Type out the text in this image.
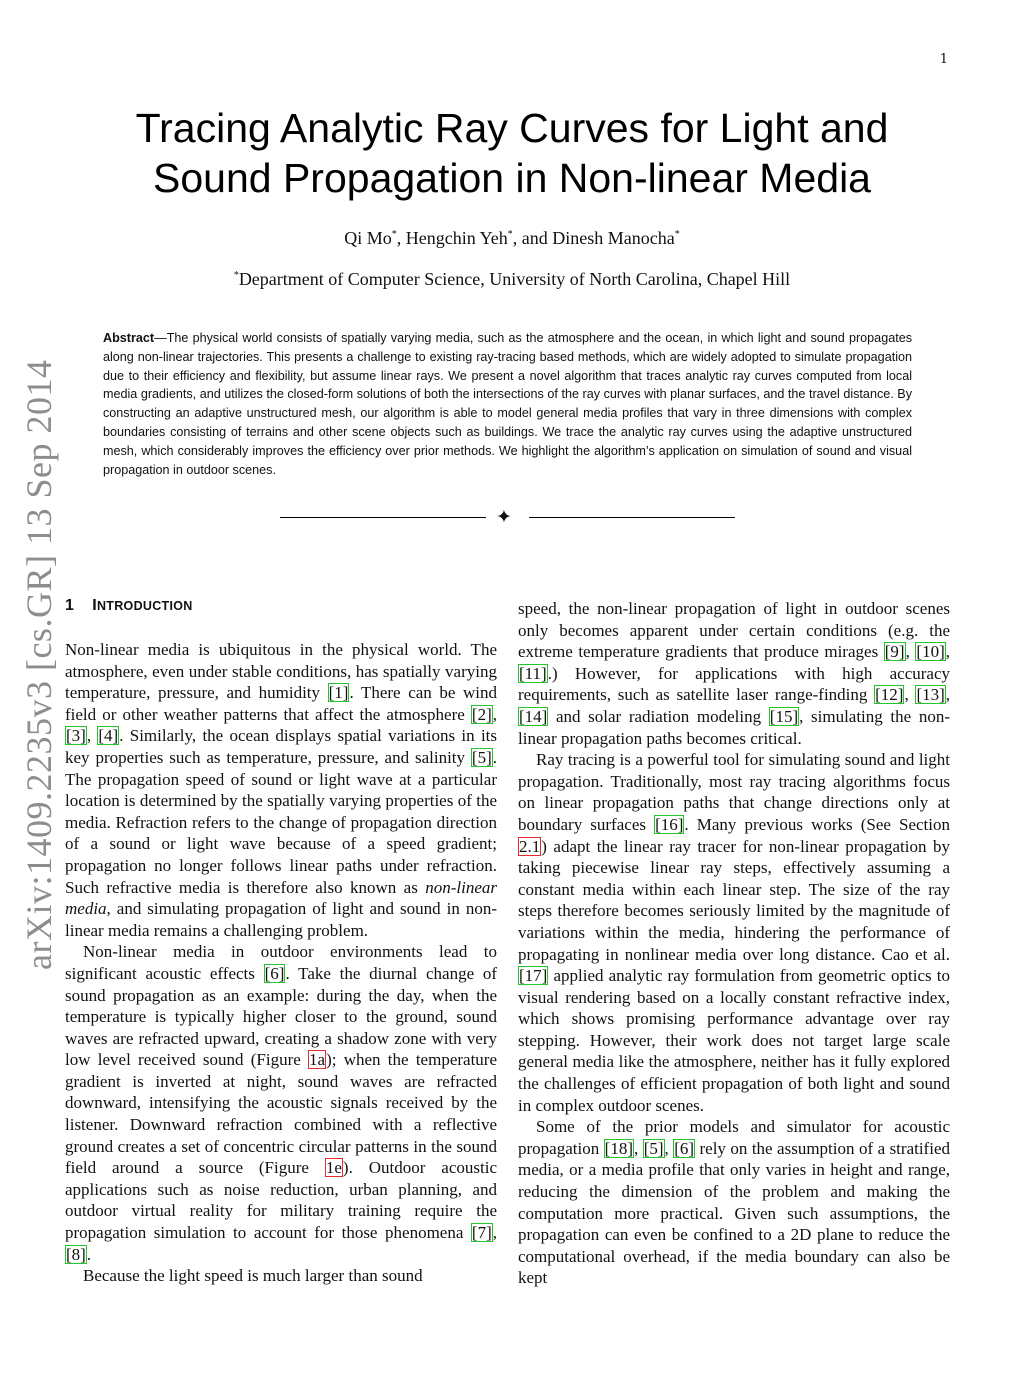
1
arXiv:1409.2235v3 [cs.GR] 13 Sep 2014
Tracing Analytic Ray Curves for Light and
Sound Propagation in Non-linear Media
Qi Mo*, Hengchin Yeh*, and Dinesh Manocha*
*Department of Computer Science, University of North Carolina, Chapel Hill
Abstract—The physical world consists of spatially varying media, such as the atmosphere and the ocean, in which light and sound propagates along non-linear trajectories. This presents a challenge to existing ray-tracing based methods, which are widely adopted to simulate propagation due to their efficiency and flexibility, but assume linear rays. We present a novel algorithm that traces analytic ray curves computed from local media gradients, and utilizes the closed-form solutions of both the intersections of the ray curves with planar surfaces, and the travel distance. By constructing an adaptive unstructured mesh, our algorithm is able to model general media profiles that vary in three dimensions with complex boundaries consisting of terrains and other scene objects such as buildings. We trace the analytic ray curves using the adaptive unstructured mesh, which considerably improves the efficiency over prior methods. We highlight the algorithm’s application on simulation of sound and visual propagation in outdoor scenes.
✦
1 INTRODUCTION

Non-linear media is ubiquitous in the physical world. The atmosphere, even under stable conditions, has spatially varying temperature, pressure, and humidity [1]. There can be wind field or other weather patterns that affect the atmosphere [2], [3], [4]. Similarly, the ocean displays spatial variations in its key properties such as temperature, pressure, and salinity [5]. The propagation speed of sound or light wave at a particular location is determined by the spatially varying properties of the media. Refraction refers to the change of propagation direction of a sound or light wave because of a speed gradient; propagation no longer follows linear paths under refraction. Such refractive media is therefore also known as non-linear media, and simulating propagation of light and sound in non-linear media remains a challenging problem.

Non-linear media in outdoor environments lead to significant acoustic effects [6]. Take the diurnal change of sound propagation as an example: during the day, when the temperature is typically higher closer to the ground, sound waves are refracted upward, creating a shadow zone with very low level received sound (Figure 1a); when the temperature gradient is inverted at night, sound waves are refracted downward, intensifying the acoustic signals received by the listener. Downward refraction combined with a reflective ground creates a set of concentric circular patterns in the sound field around a source (Figure 1e). Outdoor acoustic applications such as noise reduction, urban planning, and outdoor virtual reality for military training require the propagation simulation to account for those phenomena [7], [8].

Because the light speed is much larger than sound

speed, the non-linear propagation of light in outdoor scenes only becomes apparent under certain conditions (e.g. the extreme temperature gradients that produce mirages [9], [10], [11].) However, for applications with high accuracy requirements, such as satellite laser range-finding [12], [13], [14] and solar radiation modeling [15], simulating the non-linear propagation paths becomes critical.

Ray tracing is a powerful tool for simulating sound and light propagation. Traditionally, most ray tracing algorithms focus on linear propagation paths that change directions only at boundary surfaces [16]. Many previous works (See Section 2.1) adapt the linear ray tracer for non-linear propagation by taking piecewise linear ray steps, effectively assuming a constant media within each linear step. The size of the ray steps therefore becomes seriously limited by the magnitude of variations within the media, hindering the performance of propagating in nonlinear media over long distance. Cao et al. [17] applied analytic ray formulation from geometric optics to visual rendering based on a locally constant refractive index, which shows promising performance advantage over ray stepping. However, their work does not target large scale general media like the atmosphere, neither has it fully explored the challenges of efficient propagation of both light and sound in complex outdoor scenes.

Some of the prior models and simulator for acoustic propagation [18], [5], [6] rely on the assumption of a stratified media, or a media profile that only varies in height and range, reducing the dimension of the problem and making the computation more practical. Given such assumptions, the propagation can even be confined to a 2D plane to reduce the computational overhead, if the media boundary can also be kept
